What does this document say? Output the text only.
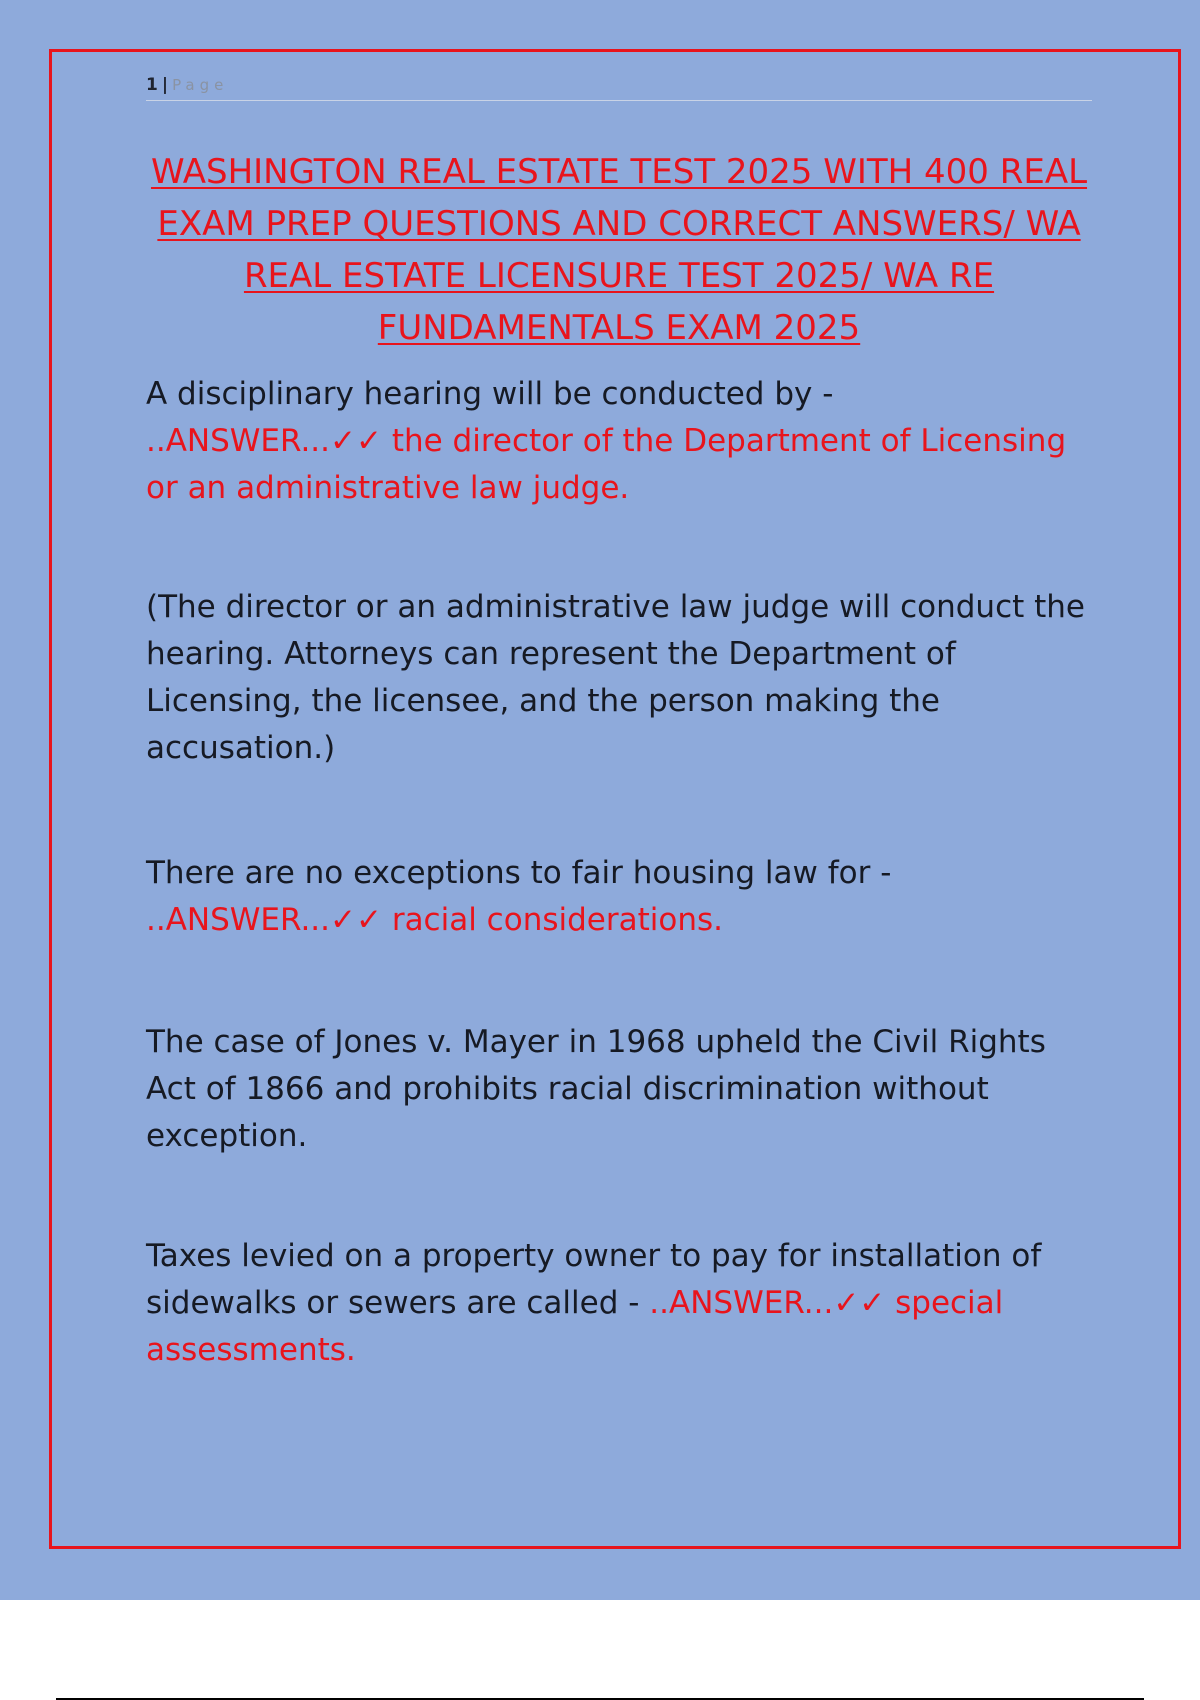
1 | Page
WASHINGTON REAL ESTATE TEST 2025 WITH 400 REAL EXAM PREP QUESTIONS AND CORRECT ANSWERS/ WA REAL ESTATE LICENSURE TEST 2025/ WA RE FUNDAMENTALS EXAM 2025

A disciplinary hearing will be conducted by -
..ANSWER...✓✓ the director of the Department of Licensing or an administrative law judge.

(The director or an administrative law judge will conduct the hearing. Attorneys can represent the Department of Licensing, the licensee, and the person making the accusation.)

There are no exceptions to fair housing law for -
..ANSWER...✓✓ racial considerations.

The case of Jones v. Mayer in 1968 upheld the Civil Rights Act of 1866 and prohibits racial discrimination without exception.

Taxes levied on a property owner to pay for installation of sidewalks or sewers are called - ..ANSWER...✓✓ special assessments.
